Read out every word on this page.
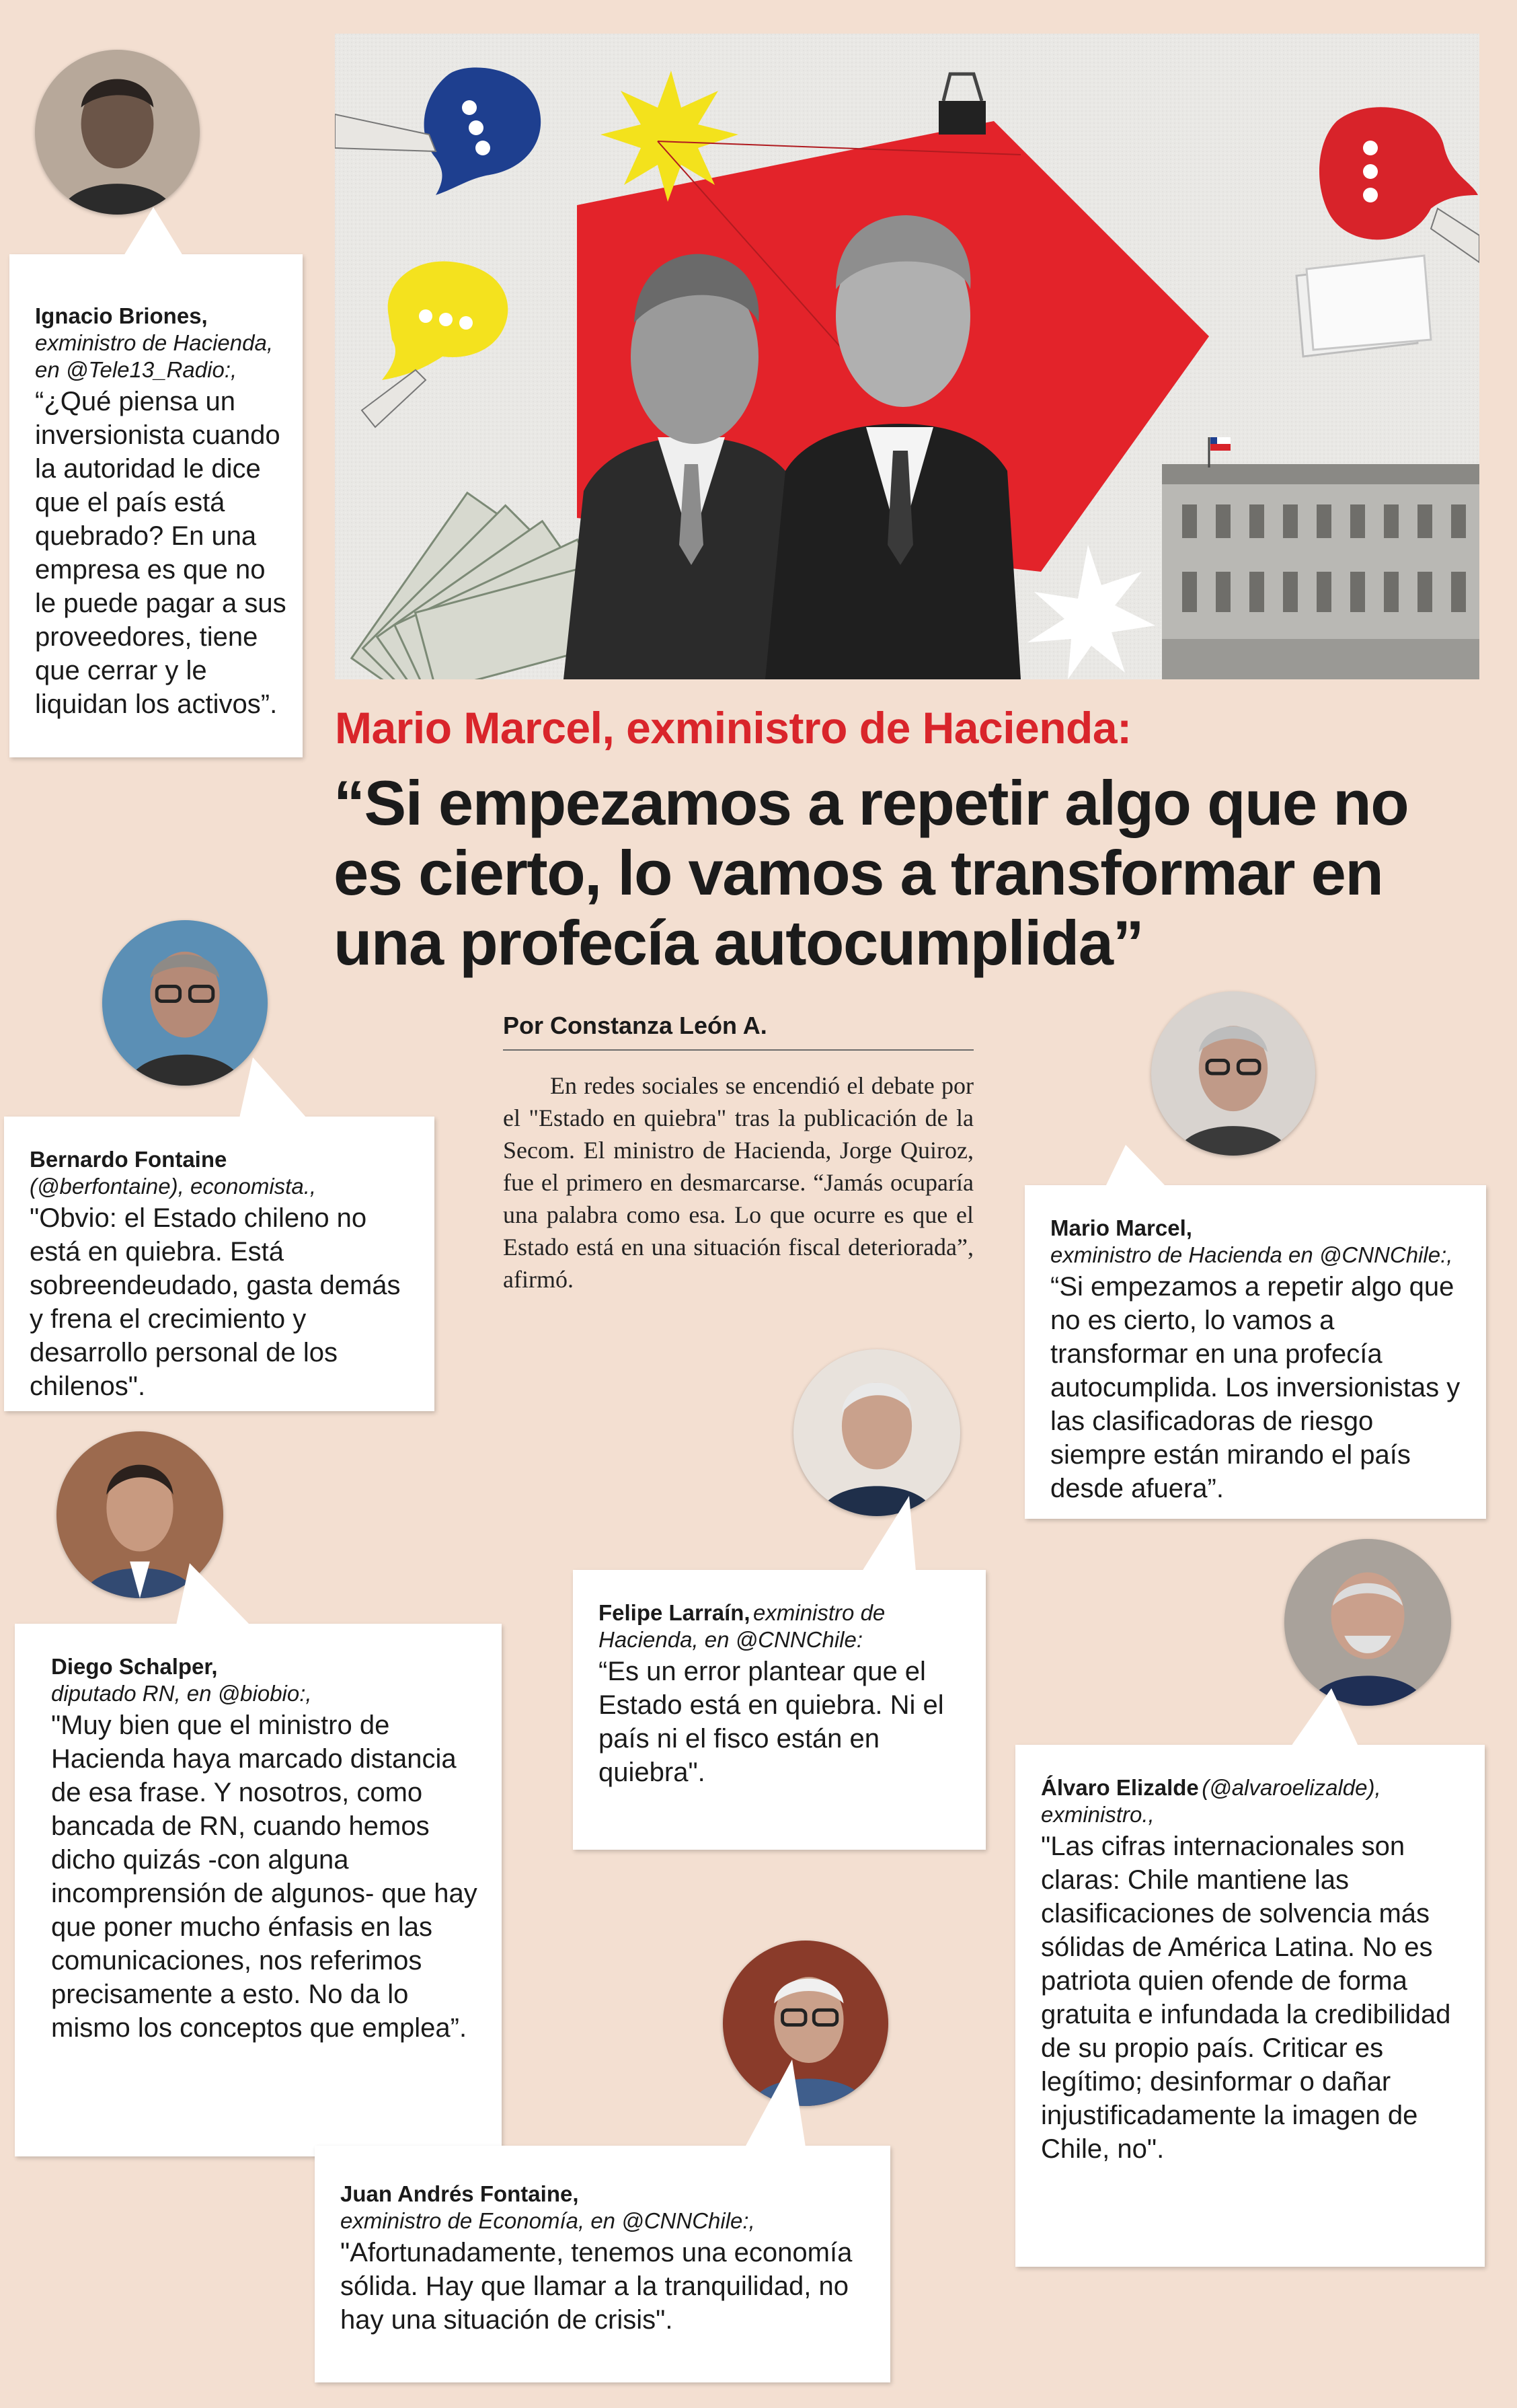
Mario Marcel, exministro de Hacienda:
“Si empezamos a repetir algo que no es cierto, lo vamos a transformar en una profecía autocumplida”
Por Constanza León A.
En redes sociales se encendió el debate por el "Estado en quiebra" tras la publicación de la Secom. El ministro de Hacienda, Jorge Quiroz, fue el primero en desmarcarse. “Jamás ocuparía una palabra como esa. Lo que ocurre es que el Estado está en una situación fiscal deteriorada”, afirmó.
Ignacio Briones,
exministro de Hacienda, en @Tele13_Radio:,
“¿Qué piensa un inversionista cuando la autoridad le dice que el país está quebrado? En una empresa es que no le puede pagar a sus proveedores, tiene que cerrar y le liquidan los activos”.
Bernardo Fontaine
(@berfontaine), economista.,
"Obvio: el Estado chileno no está en quiebra. Está sobreendeudado, gasta demás y frena el crecimiento y desarrollo personal de los chilenos".
Mario Marcel,
exministro de Hacienda en @CNNChile:,
“Si empezamos a repetir algo que no es cierto, lo vamos a transformar en una profecía autocumplida. Los inversionistas y las clasificadoras de riesgo siempre están mirando el país desde afuera”.
Diego Schalper,
diputado RN, en @biobio:,
"Muy bien que el ministro de Hacienda haya marcado distancia de esa frase. Y nosotros, como bancada de RN, cuando hemos dicho quizás -con alguna incomprensión de algunos- que hay que poner mucho énfasis en las comunicaciones, nos referimos precisamente a esto. No da lo mismo los conceptos que emplea”.
Felipe Larraín, exministro de Hacienda, en @CNNChile:
“Es un error plantear que el Estado está en quiebra. Ni el país ni el fisco están en quiebra".
Álvaro Elizalde (@alvaroelizalde), exministro.,
"Las cifras internacionales son claras: Chile mantiene las clasificaciones de solvencia más sólidas de América Latina. No es patriota quien ofende de forma gratuita e infundada la credibilidad de su propio país. Criticar es legítimo; desinformar o dañar injustificadamente la imagen de Chile, no".
Juan Andrés Fontaine,
exministro de Economía, en @CNNChile:,
"Afortunadamente, tenemos una economía sólida. Hay que llamar a la tranquilidad, no hay una situación de crisis".
